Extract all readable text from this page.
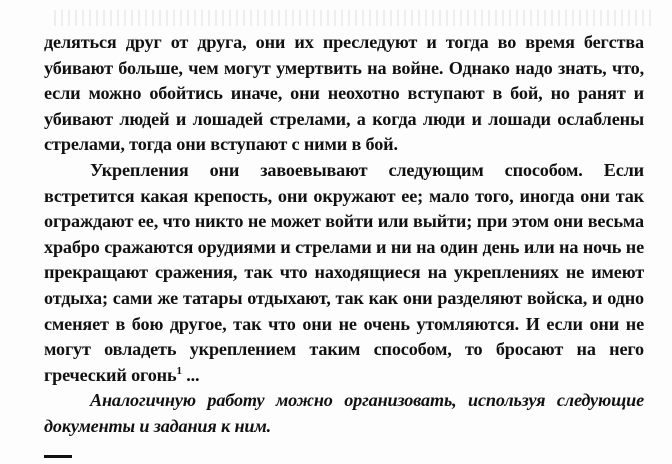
деляться друг от друга, они их преследуют и тогда во время бегства убивают больше, чем могут умертвить на войне. Однако надо знать, что, если можно обойтись иначе, они неохотно вступают в бой, но ранят и убивают людей и лошадей стрелами, а когда люди и лошади ослаблены стрелами, тогда они вступают с ними в бой.

Укрепления они завоевывают следующим способом. Если встретится какая крепость, они окружают ее; мало того, иногда они так ограждают ее, что никто не может войти или выйти; при этом они весьма храбро сражаются орудиями и стрелами и ни на один день или на ночь не прекращают сражения, так что находящиеся на укреплениях не имеют отдыха; сами же татары отдыхают, так как они разделяют войска, и одно сменяет в бою другое, так что они не очень утомляются. И если они не могут овладеть укреплением таким способом, то бросают на него греческий огонь$^1$ ...

Аналогичную работу можно организовать, используя следующие документы и задания к ним.
